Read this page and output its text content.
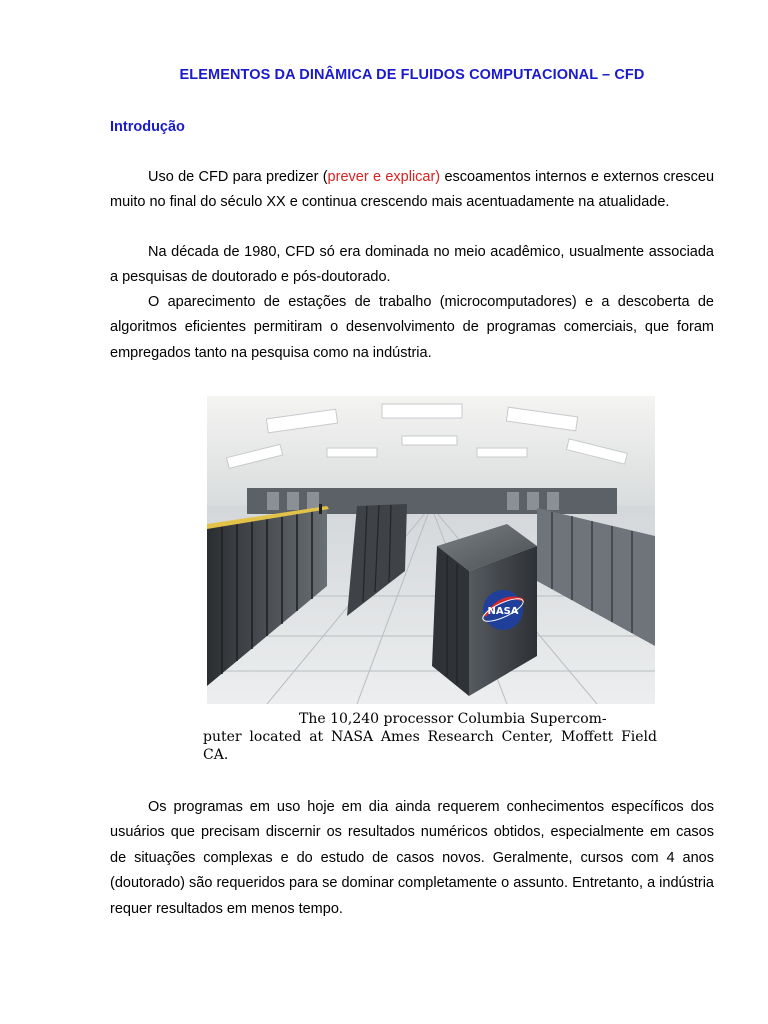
ELEMENTOS DA DINÂMICA DE FLUIDOS COMPUTACIONAL – CFD
Introdução

Uso de CFD para predizer (prever e explicar) escoamentos internos e externos cresceu muito no final do século XX e continua crescendo mais acentuadamente na atualidade.

Na década de 1980, CFD só era dominada no meio acadêmico, usualmente associada a pesquisas de doutorado e pós-doutorado.

O aparecimento de estações de trabalho (microcomputadores) e a descoberta de algoritmos eficientes permitiram o desenvolvimento de programas comerciais, que foram empregados tanto na pesquisa como na indústria.

NASA

The 10,240 processor Columbia Supercom-
puter located at NASA Ames Research Center, Moffett Field CA.

Os programas em uso hoje em dia ainda requerem conhecimentos específicos dos usuários que precisam discernir os resultados numéricos obtidos, especialmente em casos de situações complexas e do estudo de casos novos. Geralmente, cursos com 4 anos (doutorado) são requeridos para se dominar completamente o assunto. Entretanto, a indústria requer resultados em menos tempo.
